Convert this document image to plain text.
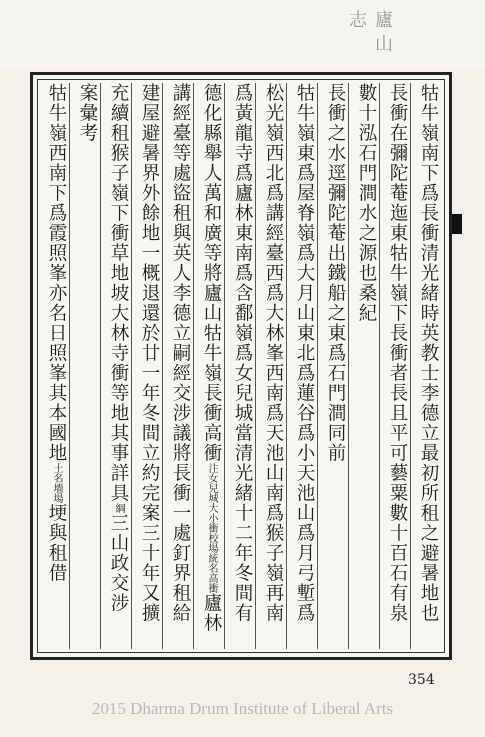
廬山志
牯牛嶺南下爲長衝清光緒時英教士李德立最初所租之避暑地也
長衝在彌陀菴迤東牯牛嶺下長衝者長且平可藝粟數十百石有泉
數十泓石門澗水之源也桑紀
長衝之水逕彌陀菴出鐵船之東爲石門澗同前
牯牛嶺東爲屋脊嶺爲大月山東北爲蓮谷爲小天池山爲月弓塹爲
松光嶺西北爲講經臺西爲大林峯西南爲天池山南爲猴子嶺再南
爲黃龍寺爲廬林東南爲含鄱嶺爲女兒城當清光緒十二年冬間有
德化縣舉人萬和廣等將廬山牯牛嶺長衝高衝注女兒城大小衝校場統名高衝廬林
講經臺等處盜租與英人李德立嗣經交涉議將長衝一處釘界租給
建屋避暑界外餘地一概退還於廿一年冬間立約完案三十年又擴
充續租猴子嶺下衝草地坡大林寺衝等地其事詳具綱三山政交涉
案彙考
牯牛嶺西南下爲霞照峯亦名日照峯其本國地土名墻場埂與租借
354
2015 Dharma Drum Institute of Liberal Arts
